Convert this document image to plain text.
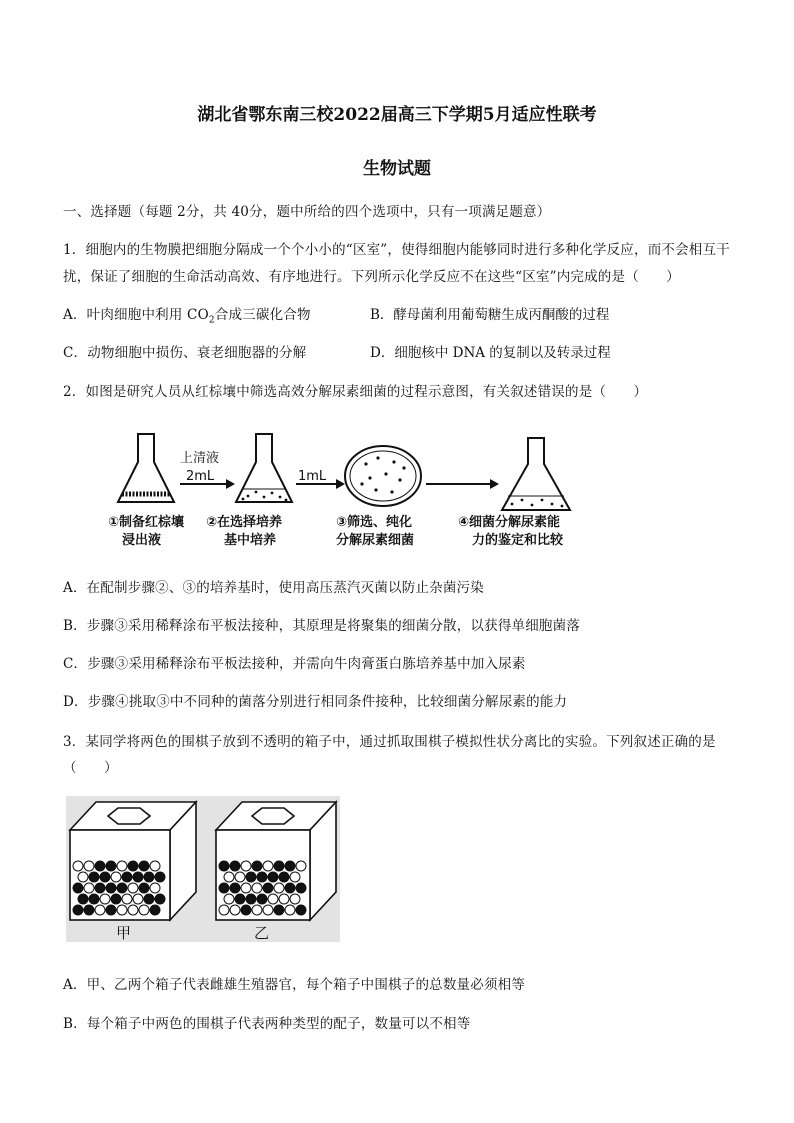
湖北省鄂东南三校2022届高三下学期5月适应性联考
生物试题
一、选择题（每题 2分，共 40分，题中所给的四个选项中，只有一项满足题意）
1．细胞内的生物膜把细胞分隔成一个个小小的“区室”，使得细胞内能够同时进行多种化学反应，而不会相互干
扰，保证了细胞的生命活动高效、有序地进行。下列所示化学反应不在这些“区室”内完成的是（　　）
A．叶肉细胞中利用 $CO_2$合成三碳化合物	B．酵母菌利用葡萄糖生成丙酮酸的过程
C．动物细胞中损伤、衰老细胞器的分解	D．细胞核中 DNA 的复制以及转录过程
2．如图是研究人员从红棕壤中筛选高效分解尿素细菌的过程示意图，有关叙述错误的是（　　）
上清液
2mL	1mL
①制备红棕壤
浸出液
②在选择培养
基中培养
③筛选、纯化
分解尿素细菌
④细菌分解尿素能
力的鉴定和比较
A．在配制步骤②、③的培养基时，使用高压蒸汽灭菌以防止杂菌污染
B．步骤③采用稀释涂布平板法接种，其原理是将聚集的细菌分散，以获得单细胞菌落
C．步骤③采用稀释涂布平板法接种，并需向牛肉膏蛋白胨培养基中加入尿素
D．步骤④挑取③中不同种的菌落分别进行相同条件接种，比较细菌分解尿素的能力
3．某同学将两色的围棋子放到不透明的箱子中，通过抓取围棋子模拟性状分离比的实验。下列叙述正确的是
（　　）
甲	乙
A．甲、乙两个箱子代表雌雄生殖器官，每个箱子中围棋子的总数量必须相等
B．每个箱子中两色的围棋子代表两种类型的配子，数量可以不相等
